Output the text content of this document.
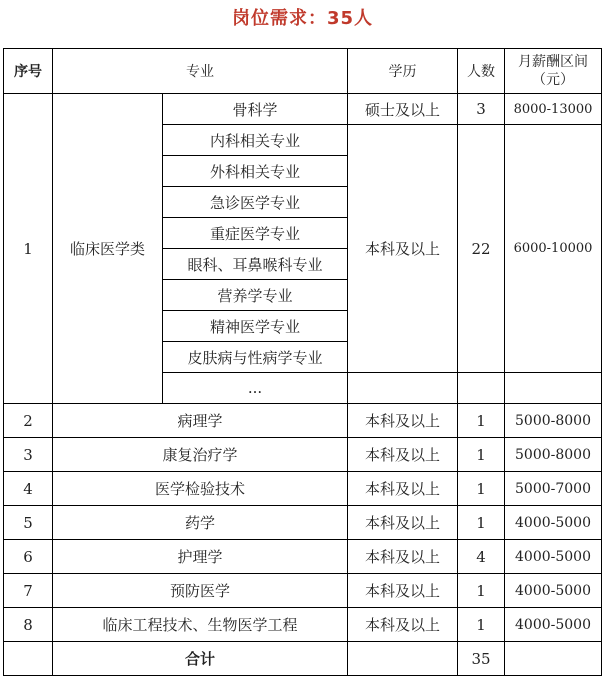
岗位需求：35人
序号	专业		学历	人数	月薪酬区间（元）
1	临床医学类	骨科学	硕士及以上	3	8000-13000
		内科相关专业	本科及以上	22	6000-10000
		外科相关专业			
		急诊医学专业			
		重症医学专业			
		眼科、耳鼻喉科专业			
		营养学专业			
		精神医学专业			
		皮肤病与性病学专业			
		...			
2	病理学		本科及以上	1	5000-8000
3	康复治疗学		本科及以上	1	5000-8000
4	医学检验技术		本科及以上	1	5000-7000
5	药学		本科及以上	1	4000-5000
6	护理学		本科及以上	4	4000-5000
7	预防医学		本科及以上	1	4000-5000
8	临床工程技术、生物医学工程		本科及以上	1	4000-5000
	合计			35	
